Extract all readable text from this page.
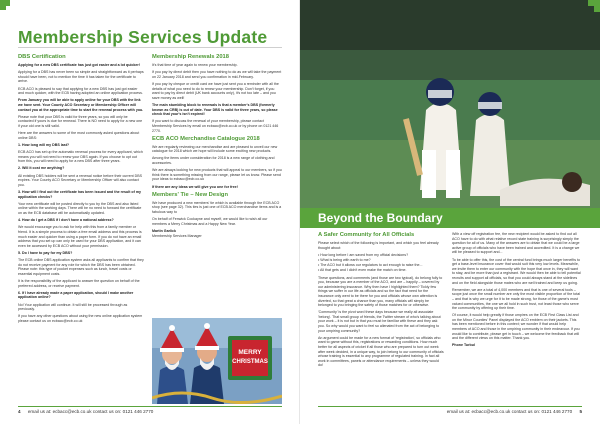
Membership Services Update
DBS Certification

Applying for a new DBS certificate has just got easier and a lot quicker!

Applying for a DBS has never been so simple and straightforward as it perhaps should have been, not to mention the time it has taken for the certificate to arrive.

ECB ACO is pleased to say that applying for a new DBS has just got easier and much quicker, with the ECB having adopted an online application process.

From January you will be able to apply online for your DBS with the link we have sent. Your County ACO Secretary or Membership Officer will contact you at the appropriate time to start the renewal process with you.

Please note that your DBS is valid for three years, so you will only be contacted if yours is due for renewal. There is NO need to apply for a new one if your old one is still valid.

Here are the answers to some of the most commonly asked questions about online DBS:

1. How long will my DBS last?

ECB ACO has set up the automatic renewal process for every applicant, which means you will not need to renew your DBS again. If you choose to opt out from this, you will need to apply for a new DBS after three years.

2. Will it cost me anything?

All existing DBS holders will be sent a renewal notice before their current DBS expires. Your County ACO Secretary or Membership Officer will also contact you.

3. How will I find out the certificate has been issued and the result of my application checks?

Your new certificate will be posted directly to you by the DBS and also listed online within the working days. There will be no need to forward the certificate on as the ECB database will be automatically updated.

4. How do I get a DBS if I don't have a national address?

We would encourage you to ask for help with this from a family member or friend. It is a simple process to obtain a free email address and this process is much easier and quicker than using a paper form. If you do not have an email address that you set up can only be used for your DBS application, and it can even be accessed by ECB ACO without your permission.

5. Do I have to pay for my DBS?

The ECB online DBS application system asks all applicants to confirm that they do not receive payment for any role for which the DBS has been obtained. Please note: this type of pocket expenses such as lunch, travel costs or essential equipment costs.

It is the responsibility of the applicant to answer the question on behalf of the preferred address, or receive payment.

6. If I have already made a paper application, should I make another application online?

No! Your application will continue. It will still be processed through as previously.

If you have any other questions about using the new online application system please contact us on ecbacc@ecb.co.uk

Membership Renewals 2018

It's that time of year again to renew your membership.

If you pay by direct debit then you have nothing to do as we will take the payment on 22 January 2018 and send you confirmation in mid-February.

If you pay by cheque or credit card we have just sent you a reminder with all the details of what you need to do to renew your membership. Don't forget, if you want to pay by direct debit (UK bank accounts only), it's not too late – and you save money as well!

The main stumbling block to renewals is that a member's DBS (formerly known as CRB) is out of date. Your DBS is valid for three years, so please check that your's isn't expired!

If you want to discuss the renewal of your membership, please contact Membership Services by email on ecbacc@ecb.co.uk or by phone on 0121 446 2770.

ECB ACO Merchandise Catalogue 2018

We are regularly reviewing our merchandise and are pleased to unveil our new catalogue for 2018 which we hope will include some exciting new products.

Among the items under consideration for 2018 is a new range of clothing and accessories.

We are always looking for new products that will appeal to our members, so if you think there is something missing from our range, please let us know. Please send your ideas to ecbacc@ecb.co.uk

If there are any ideas we will give you one for free!

Members' Tie – New Design

We have produced a new members' tie which is available through the ECB ACO shop (see page 32). This ties is just one of ECB ACO merchandise items and is a fabulous way to

On behalf of Fenwick Cockayne and myself, we would like to wish all our members a Merry Christmas and a Happy New Year.

Martin Garlick

Membership Services Manager

MERRY
CHRISTMAS
4 email us at: ecbacc@ecb.co.uk contact us on: 0121 446 2770
Beyond the Boundary
A Safer Community for All Officials

Please select which of the following is important, and which you feel already thought about:

• How long before I am saved from my official decisions?

• What is being with earth to me?

• The ACO but it allows our regulators to act enough to raise the...

• All that gets and I didn't even make the match on time.

These questions, and comments (and those are two typical), do belong fully to you, because you are a member of the ACO, and are – happily – covered by our administering insurance. Why then have I highlighted them? Tickly few things we suffer in our life as officials and so the fact that need for the insurance only went to be there for you and officials whose own attention is diverted, so that great a chance than you, many officials will simply be belonged to you bringing the safety of those matches for or otherwise.

'Community' is the pivot word these days because we really all associate 'belong'. That small group of friends, the Twitter stream of who's talking about your work – it is not but in that you must be familiar with these and they ask you. So why would you want to feel so alienated from the act of belonging to your umpiring community?

An argument could be made for a new format of 'registration', so officials who want to game without this, registrations or rewarding conditions. How much better for all aspects of cricket if all those who are prepared to turn out week after week decided, in a unique way, to join belong to our community of officials whose training is essential to any programme of regulated training. In fact all work in committees, panels or attendance requirements – unless they would do!

With a view off registration fee, the new recipient would be asked to find out all ACO have to do with what relative record state training is surprisingly simply the question for all of us. Many of the answers are to obtain that we could be a large active group of officials who have been trained and accredited. It is a change we will be pleased to support and...

To be able to offer this, the cost of the central fund brings much larger benefits to get a base-level insurance cover that would suit this very low levels. Meanwhile, we invite them to enter our community with the hope that once in, they will want to stay, and be more than just a registrant. We would then be able to tell potential recruits and support all officials, so that you could always stand at the sidelines and on the field alongside those mates who are well trained and keep us going.

Remember, we are a total of 4,000 members and that is one of several tools – scope just once the small number are only the most visible proportion of the total – and that is why we urge for it to be made strong, for those of the game's most valued communities, the one we all hold in such trust, not least those who serve the community by offering up their time.

Of course, it would help greatly if those umpires on the ECB First Class List and on the Minor Counties' Panel displayed the ACO emblem on their jackets. This has been mentioned before in this context; we wonder if that would help members of ACO and those in the umpiring community in their endeavour. If you would like to contribute, please get in touch – we welcome the feedback that will and the different views on this matter. Thank you.

Phone Turbul

email us at: ecbacc@ecb.co.uk contact us on: 0121 446 2770 5
